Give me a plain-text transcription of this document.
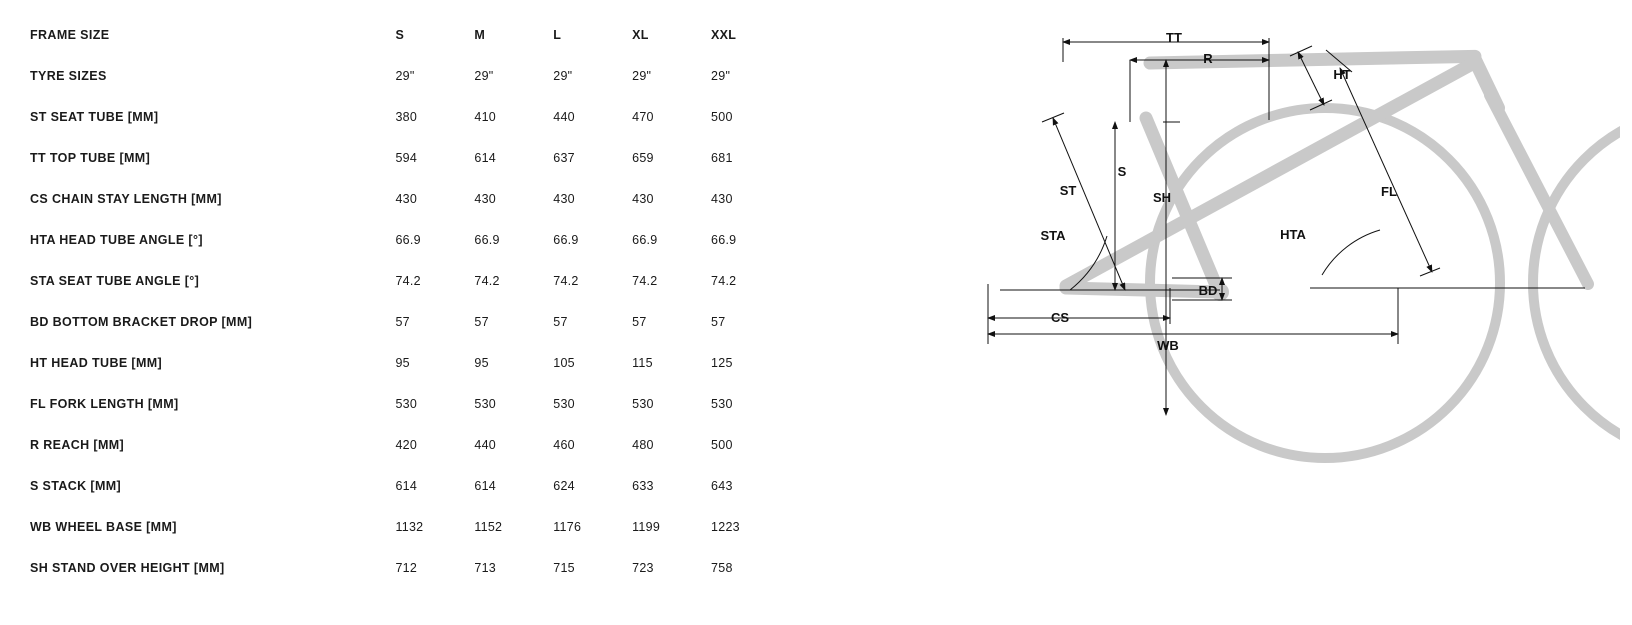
FRAME SIZE	S	M	L	XL	XXL
TYRE SIZES	29"	29"	29"	29"	29"
ST SEAT TUBE [MM]	380	410	440	470	500
TT TOP TUBE [MM]	594	614	637	659	681
CS CHAIN STAY LENGTH [MM]	430	430	430	430	430
HTA HEAD TUBE ANGLE [°]	66.9	66.9	66.9	66.9	66.9
STA SEAT TUBE ANGLE [°]	74.2	74.2	74.2	74.2	74.2
BD BOTTOM BRACKET DROP [MM]	57	57	57	57	57
HT HEAD TUBE [MM]	95	95	105	115	125
FL FORK LENGTH [MM]	530	530	530	530	530
R REACH [MM]	420	440	460	480	500
S STACK [MM]	614	614	624	633	643
WB WHEEL BASE [MM]	1132	1152	1176	1199	1223
SH STAND OVER HEIGHT [MM]	712	713	715	723	758
TT
R
HT
S
ST	SH
STA
FL
HTA
BD
CS
WB
